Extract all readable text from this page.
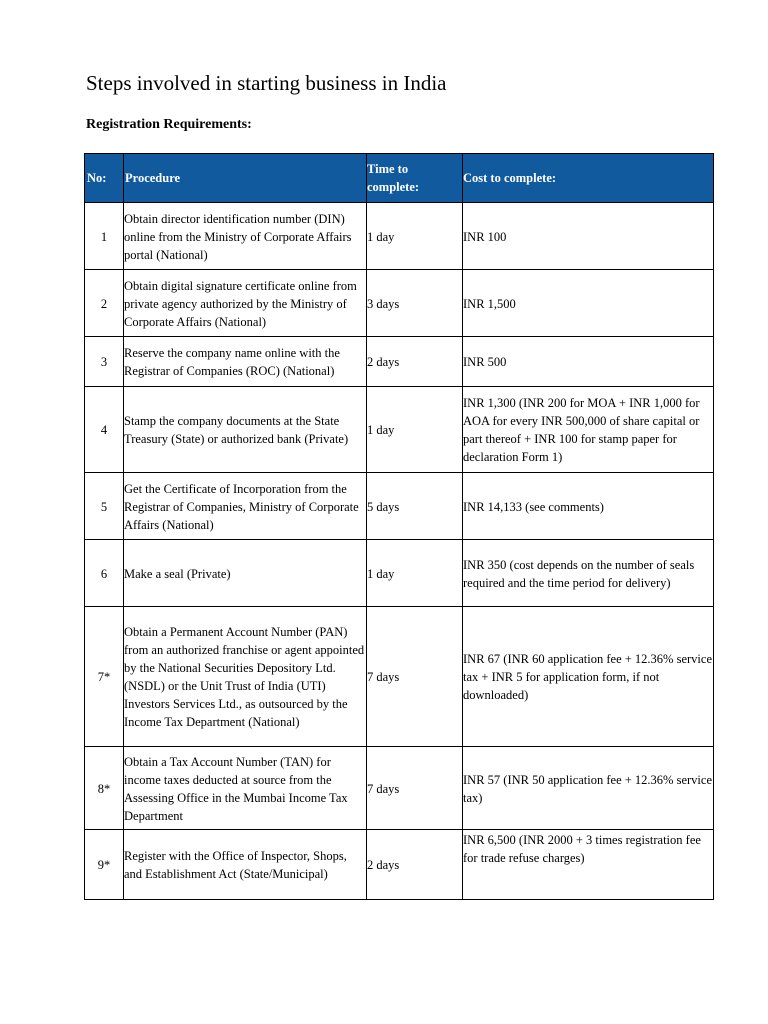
Steps involved in starting business in India
Registration Requirements:
No:	Procedure	Time to complete:	Cost to complete:
1	Obtain director identification number (DIN) online from the Ministry of Corporate Affairs portal (National)	1 day	INR 100
2	Obtain digital signature certificate online from private agency authorized by the Ministry of Corporate Affairs (National)	3 days	INR 1,500
3	Reserve the company name online with the Registrar of Companies (ROC) (National)	2 days	INR 500
4	Stamp the company documents at the State Treasury (State) or authorized bank (Private)	1 day	INR 1,300 (INR 200 for MOA + INR 1,000 for AOA for every INR 500,000 of share capital or part thereof + INR 100 for stamp paper for declaration Form 1)
5	Get the Certificate of Incorporation from the Registrar of Companies, Ministry of Corporate Affairs (National)	5 days	INR 14,133 (see comments)
6	Make a seal (Private)	1 day	INR 350 (cost depends on the number of seals required and the time period for delivery)
7*	Obtain a Permanent Account Number (PAN) from an authorized franchise or agent appointed by the National Securities Depository Ltd. (NSDL) or the Unit Trust of India (UTI) Investors Services Ltd., as outsourced by the Income Tax Department (National)	7 days	INR 67 (INR 60 application fee + 12.36% service tax + INR 5 for application form, if not downloaded)
8*	Obtain a Tax Account Number (TAN) for income taxes deducted at source from the Assessing Office in the Mumbai Income Tax Department	7 days	INR 57 (INR 50 application fee + 12.36% service tax)
9*	Register with the Office of Inspector, Shops, and Establishment Act (State/Municipal)	2 days	INR 6,500 (INR 2000 + 3 times registration fee for trade refuse charges)
